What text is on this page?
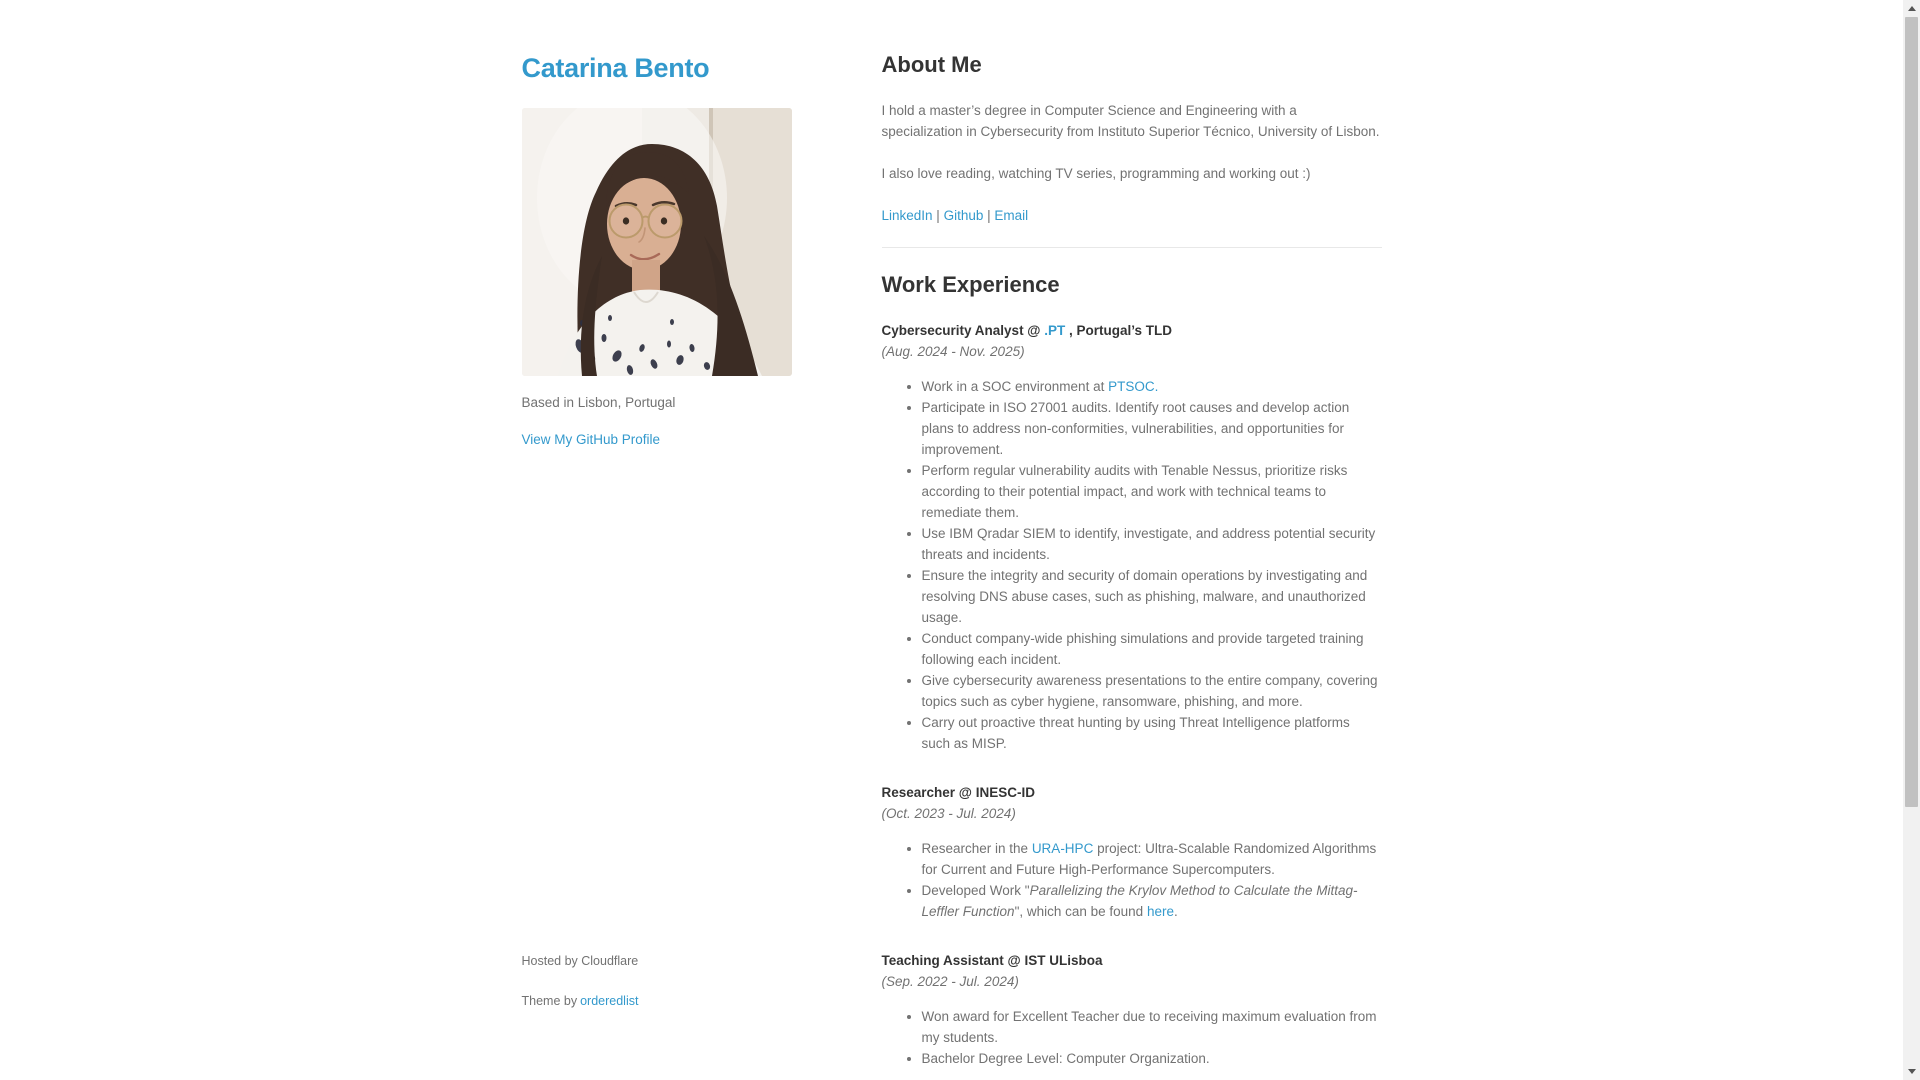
Catarina Bento

Based in Lisbon, Portugal

View My GitHub Profile

Hosted by Cloudflare

Theme by orderedlist

About Me

I hold a master’s degree in Computer Science and Engineering with a specialization in Cybersecurity from Instituto Superior Técnico, University of Lisbon.

I also love reading, watching TV series, programming and working out :)

LinkedIn | Github | Email

Work Experience

Cybersecurity Analyst @ .PT , Portugal’s TLD

(Aug. 2024 - Nov. 2025)

• Work in a SOC environment at PTSOC.
• Participate in ISO 27001 audits. Identify root causes and develop action plans to address non-conformities, vulnerabilities, and opportunities for improvement.
• Perform regular vulnerability audits with Tenable Nessus, prioritize risks according to their potential impact, and work with technical teams to remediate them.
• Use IBM Qradar SIEM to identify, investigate, and address potential security threats and incidents.
• Ensure the integrity and security of domain operations by investigating and resolving DNS abuse cases, such as phishing, malware, and unauthorized usage.
• Conduct company-wide phishing simulations and provide targeted training following each incident.
• Give cybersecurity awareness presentations to the entire company, covering topics such as cyber hygiene, ransomware, phishing, and more.
• Carry out proactive threat hunting by using Threat Intelligence platforms such as MISP.

Researcher @ INESC-ID

(Oct. 2023 - Jul. 2024)

• Researcher in the URA-HPC project: Ultra-Scalable Randomized Algorithms for Current and Future High-Performance Supercomputers.
• Developed Work "Parallelizing the Krylov Method to Calculate the Mittag-Leffler Function", which can be found here.

Teaching Assistant @ IST ULisboa

(Sep. 2022 - Jul. 2024)

• Won award for Excellent Teacher due to receiving maximum evaluation from my students.
• Bachelor Degree Level: Computer Organization.
